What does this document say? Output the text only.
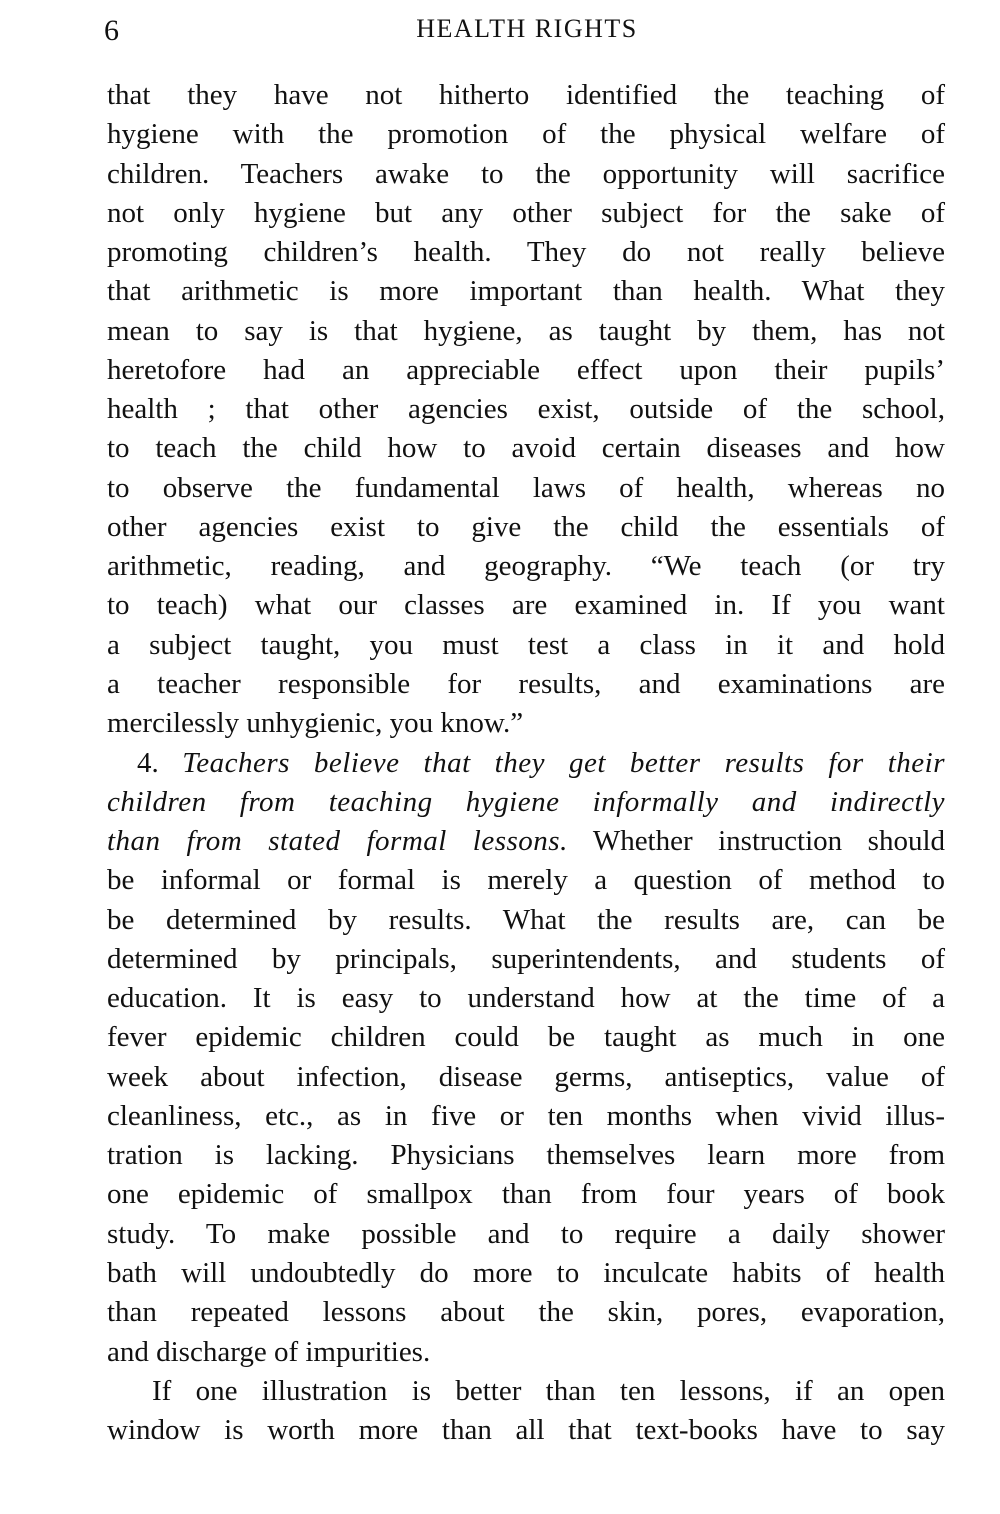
6	HEALTH RIGHTS
that they have not hitherto identified the teaching of
hygiene with the promotion of the physical welfare of
children. Teachers awake to the opportunity will sacrifice
not only hygiene but any other subject for the sake of
promoting children’s health. They do not really believe
that arithmetic is more important than health. What they
mean to say is that hygiene, as taught by them, has not
heretofore had an appreciable effect upon their pupils’
health ; that other agencies exist, outside of the school,
to teach the child how to avoid certain diseases and how
to observe the fundamental laws of health, whereas no
other agencies exist to give the child the essentials of
arithmetic, reading, and geography. “We teach (or try
to teach) what our classes are examined in. If you want
a subject taught, you must test a class in it and hold
a teacher responsible for results, and examinations are
mercilessly unhygienic, you know.”
4. Teachers believe that they get better results for their
children from teaching hygiene informally and indirectly
than from stated formal lessons. Whether instruction should
be informal or formal is merely a question of method to
be determined by results. What the results are, can be
determined by principals, superintendents, and students of
education. It is easy to understand how at the time of a
fever epidemic children could be taught as much in one
week about infection, disease germs, antiseptics, value of
cleanliness, etc., as in five or ten months when vivid illus-
tration is lacking. Physicians themselves learn more from
one epidemic of smallpox than from four years of book
study. To make possible and to require a daily shower
bath will undoubtedly do more to inculcate habits of health
than repeated lessons about the skin, pores, evaporation,
and discharge of impurities.
If one illustration is better than ten lessons, if an open
window is worth more than all that text-books have to say
